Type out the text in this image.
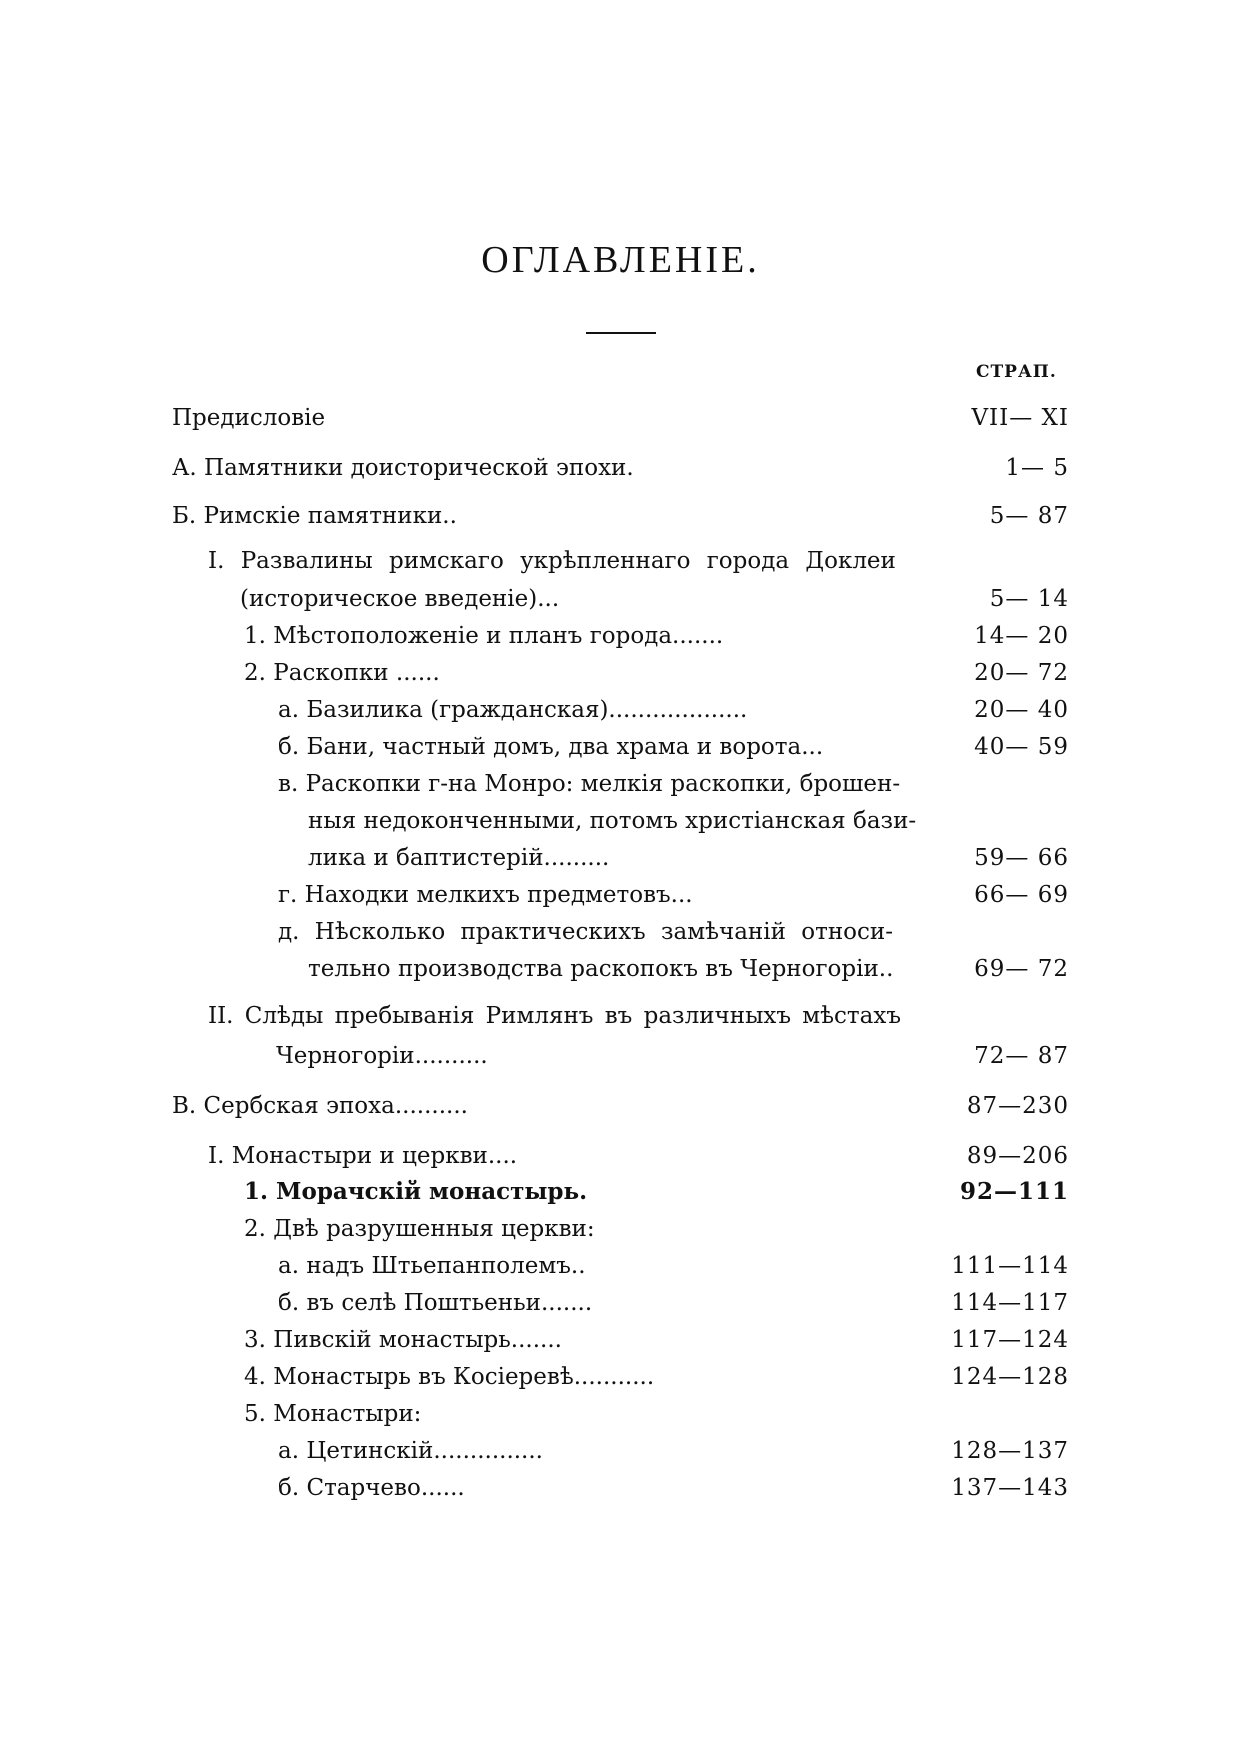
ОГЛАВЛЕНІЕ.
СТРАП.
Предисловіе	VII— XI
А. Памятники доисторической эпохи.	1— 5
Б. Римскіе памятники..	5— 87
І. Развалины римскаго укрѣпленнаго города Доклеи
(историческое введеніе)...	5— 14
1. Мѣстоположеніе и планъ города.......	14— 20
2. Раскопки ......	20— 72
а. Базилика (гражданская)...................	20— 40
б. Бани, частный домъ, два храма и ворота...	40— 59
в. Раскопки г-на Монро: мелкія раскопки, брошен-
ныя недоконченными, потомъ христіанская бази-
лика и баптистерій.........	59— 66
г. Находки мелкихъ предметовъ...	66— 69
д. Нѣсколько практическихъ замѣчаній относи-
тельно производства раскопокъ въ Черногоріи..	69— 72
ІІ. Слѣды пребыванія Римлянъ въ различныхъ мѣстахъ
Черногоріи..........	72— 87
В. Сербская эпоха..........	87—230
І. Монастыри и церкви....	89—206
1. Морачскій монастырь.	92—111
2. Двѣ разрушенныя церкви:
а. надъ Штьепанполемъ..	111—114
б. въ селѣ Поштьеньи.......	114—117
3. Пивскій монастырь.......	117—124
4. Монастырь въ Косіеревѣ...........	124—128
5. Монастыри:
а. Цетинскій...............	128—137
б. Старчево......	137—143
